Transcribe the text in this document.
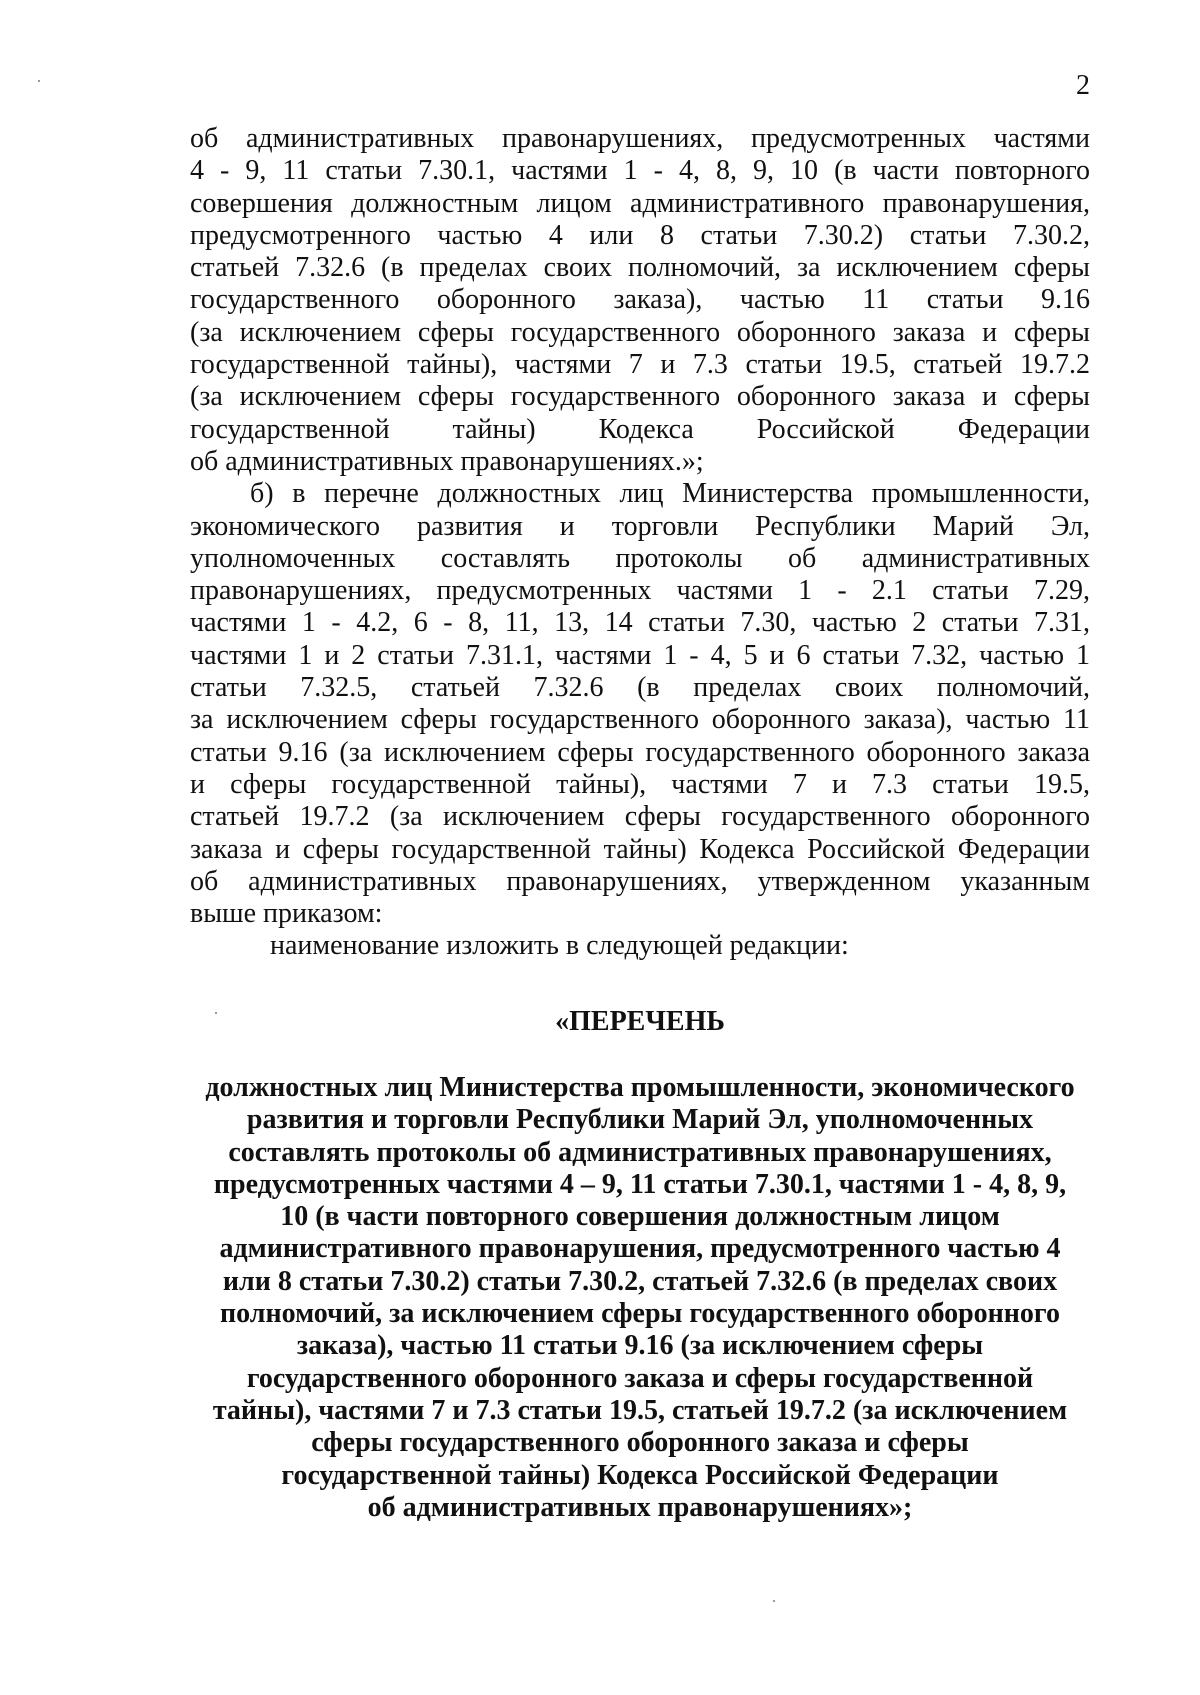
2
об административных правонарушениях, предусмотренных частями
4 - 9, 11 статьи 7.30.1, частями 1 - 4, 8, 9, 10 (в части повторного
совершения должностным лицом административного правонарушения,
предусмотренного частью 4 или 8 статьи 7.30.2) статьи 7.30.2,
статьей 7.32.6 (в пределах своих полномочий, за исключением сферы
государственного оборонного заказа), частью 11 статьи 9.16
(за исключением сферы государственного оборонного заказа и сферы
государственной тайны), частями 7 и 7.3 статьи 19.5, статьей 19.7.2
(за исключением сферы государственного оборонного заказа и сферы
государственной тайны) Кодекса Российской Федерации
об административных правонарушениях.»;
б) в перечне должностных лиц Министерства промышленности,
экономического развития и торговли Республики Марий Эл,
уполномоченных составлять протоколы об административных
правонарушениях, предусмотренных частями 1 - 2.1 статьи 7.29,
частями 1 - 4.2, 6 - 8, 11, 13, 14 статьи 7.30, частью 2 статьи 7.31,
частями 1 и 2 статьи 7.31.1, частями 1 - 4, 5 и 6 статьи 7.32, частью 1
статьи 7.32.5, статьей 7.32.6 (в пределах своих полномочий,
за исключением сферы государственного оборонного заказа), частью 11
статьи 9.16 (за исключением сферы государственного оборонного заказа
и сферы государственной тайны), частями 7 и 7.3 статьи 19.5,
статьей 19.7.2 (за исключением сферы государственного оборонного
заказа и сферы государственной тайны) Кодекса Российской Федерации
об административных правонарушениях, утвержденном указанным
выше приказом:
наименование изложить в следующей редакции:
«ПЕРЕЧЕНЬ
должностных лиц Министерства промышленности, экономического
развития и торговли Республики Марий Эл, уполномоченных
составлять протоколы об административных правонарушениях,
предусмотренных частями 4 – 9, 11 статьи 7.30.1, частями 1 - 4, 8, 9,
10 (в части повторного совершения должностным лицом
административного правонарушения, предусмотренного частью 4
или 8 статьи 7.30.2) статьи 7.30.2, статьей 7.32.6 (в пределах своих
полномочий, за исключением сферы государственного оборонного
заказа), частью 11 статьи 9.16 (за исключением сферы
государственного оборонного заказа и сферы государственной
тайны), частями 7 и 7.3 статьи 19.5, статьей 19.7.2 (за исключением
сферы государственного оборонного заказа и сферы
государственной тайны) Кодекса Российской Федерации
об административных правонарушениях»;
